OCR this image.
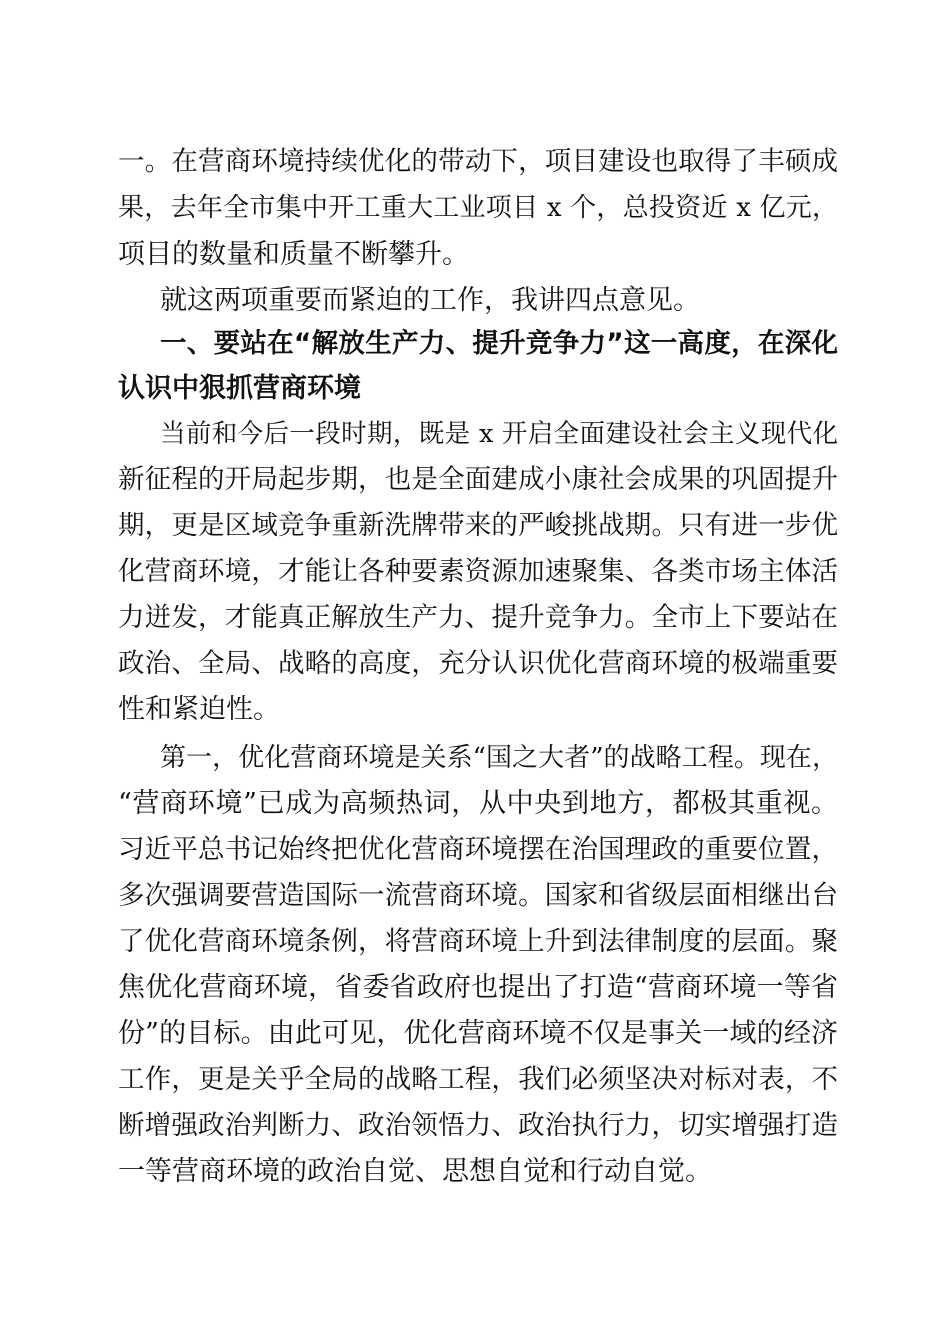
一。在营商环境持续优化的带动下，项目建设也取得了丰硕成
果，去年全市集中开工重大工业项目 x 个，总投资近 x 亿元，
项目的数量和质量不断攀升。
就这两项重要而紧迫的工作，我讲四点意见。
一、要站在“解放生产力、提升竞争力”这一高度，在深化
认识中狠抓营商环境
当前和今后一段时期，既是 x 开启全面建设社会主义现代化
新征程的开局起步期，也是全面建成小康社会成果的巩固提升
期，更是区域竞争重新洗牌带来的严峻挑战期。只有进一步优
化营商环境，才能让各种要素资源加速聚集、各类市场主体活
力迸发，才能真正解放生产力、提升竞争力。全市上下要站在
政治、全局、战略的高度，充分认识优化营商环境的极端重要
性和紧迫性。
第一，优化营商环境是关系“国之大者”的战略工程。现在，
“营商环境”已成为高频热词，从中央到地方，都极其重视。
习近平总书记始终把优化营商环境摆在治国理政的重要位置，
多次强调要营造国际一流营商环境。国家和省级层面相继出台
了优化营商环境条例，将营商环境上升到法律制度的层面。聚
焦优化营商环境，省委省政府也提出了打造“营商环境一等省
份”的目标。由此可见，优化营商环境不仅是事关一域的经济
工作，更是关乎全局的战略工程，我们必须坚决对标对表，不
断增强政治判断力、政治领悟力、政治执行力，切实增强打造
一等营商环境的政治自觉、思想自觉和行动自觉。
